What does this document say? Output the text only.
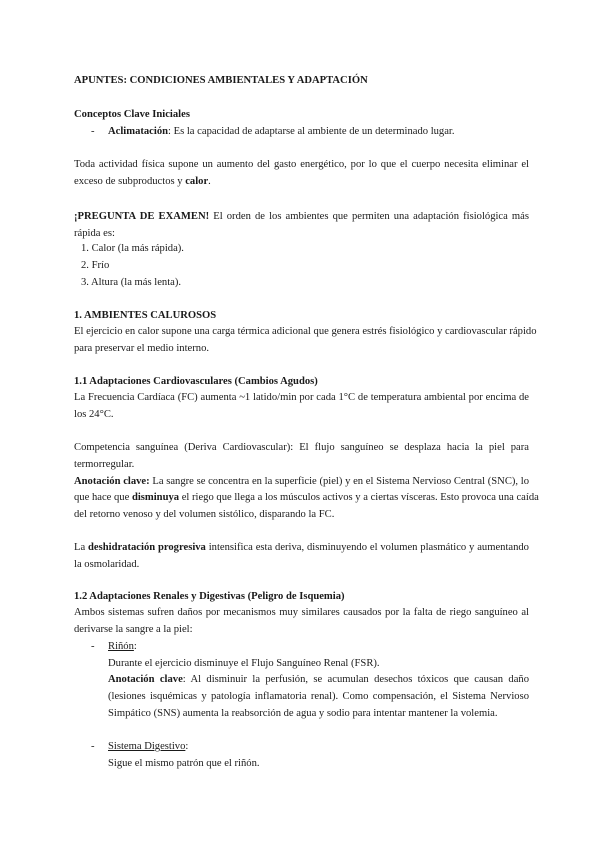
APUNTES: CONDICIONES AMBIENTALES Y ADAPTACIÓN
Conceptos Clave Iniciales
- Aclimatación: Es la capacidad de adaptarse al ambiente de un determinado lugar.
Toda actividad física supone un aumento del gasto energético, por lo que el cuerpo necesita eliminar el
exceso de subproductos y calor.
¡PREGUNTA DE EXAMEN! El orden de los ambientes que permiten una adaptación fisiológica más
rápida es:
1. Calor (la más rápida).
2. Frío
3. Altura (la más lenta).
1. AMBIENTES CALUROSOS
El ejercicio en calor supone una carga térmica adicional que genera estrés fisiológico y cardiovascular rápido
para preservar el medio interno.
1.1 Adaptaciones Cardiovasculares (Cambios Agudos)
La Frecuencia Cardíaca (FC) aumenta ~1 latido/min por cada 1°C de temperatura ambiental por encima de
los 24°C.
Competencia sanguínea (Deriva Cardiovascular): El flujo sanguíneo se desplaza hacia la piel para
termorregular.
Anotación clave: La sangre se concentra en la superficie (piel) y en el Sistema Nervioso Central (SNC), lo
que hace que disminuya el riego que llega a los músculos activos y a ciertas vísceras. Esto provoca una caída
del retorno venoso y del volumen sistólico, disparando la FC.
La deshidratación progresiva intensifica esta deriva, disminuyendo el volumen plasmático y aumentando
la osmolaridad.
1.2 Adaptaciones Renales y Digestivas (Peligro de Isquemia)
Ambos sistemas sufren daños por mecanismos muy similares causados por la falta de riego sanguíneo al
derivarse la sangre a la piel:
- Riñón:
Durante el ejercicio disminuye el Flujo Sanguíneo Renal (FSR).
Anotación clave: Al disminuir la perfusión, se acumulan desechos tóxicos que causan daño
(lesiones isquémicas y patología inflamatoria renal). Como compensación, el Sistema Nervioso
Simpático (SNS) aumenta la reabsorción de agua y sodio para intentar mantener la volemia.
- Sistema Digestivo:
Sigue el mismo patrón que el riñón.
